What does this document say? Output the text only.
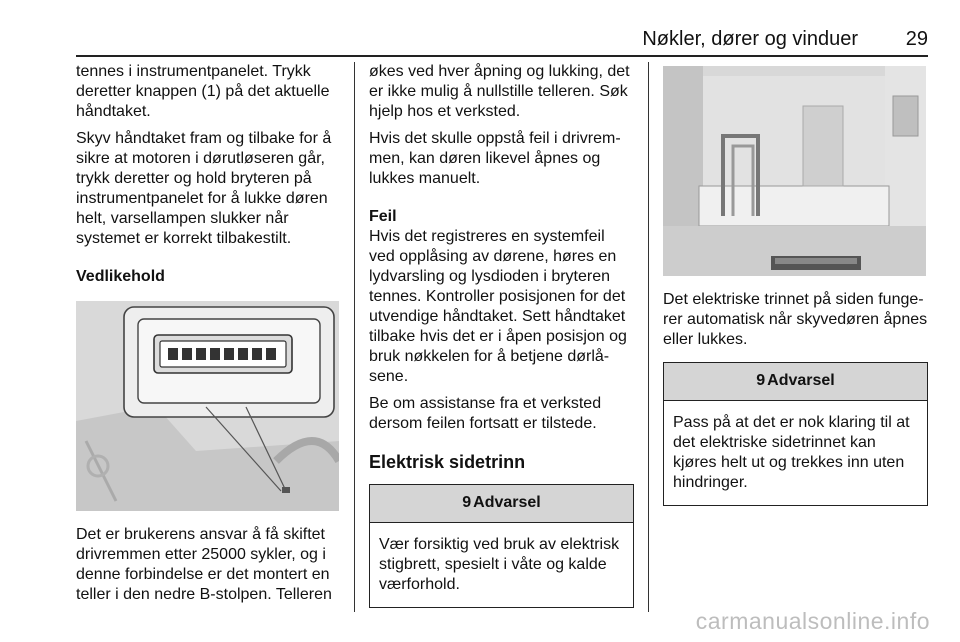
Nøkler, dører og vinduer	29

tennes i instrumentpanelet. Trykk deretter knappen (1) på det aktuelle håndtaket.

Skyv håndtaket fram og tilbake for å sikre at motoren i dørutløseren går, trykk deretter og hold bryteren på instrumentpanelet for å lukke døren helt, varsellampen slukker når systemet er korrekt tilbakestilt.

Vedlikehold

Det er brukerens ansvar å få skiftet drivremmen etter 25000 sykler, og i denne forbindelse er det montert en teller i den nedre B-stolpen. Telleren

økes ved hver åpning og lukking, det er ikke mulig å nullstille telleren. Søk hjelp hos et verksted.

Hvis det skulle oppstå feil i drivrem-men, kan døren likevel åpnes og lukkes manuelt.

Feil

Hvis det registreres en systemfeil ved opplåsing av dørene, høres en lydvarsling og lysdioden i bryteren tennes. Kontroller posisjonen for det utvendige håndtaket. Sett håndtaket tilbake hvis det er i åpen posisjon og bruk nøkkelen for å betjene dørlå-sene.

Be om assistanse fra et verksted dersom feilen fortsatt er tilstede.

Elektrisk sidetrinn
9 Advarsel
Vær forsiktig ved bruk av elektrisk stigbrett, spesielt i våte og kalde værforhold.

Det elektriske trinnet på siden funge-rer automatisk når skyvedøren åpnes eller lukkes.

9 Advarsel
Pass på at det er nok klaring til at det elektriske sidetrinnet kan kjøres helt ut og trekkes inn uten hindringer.
carmanualsonline.info
